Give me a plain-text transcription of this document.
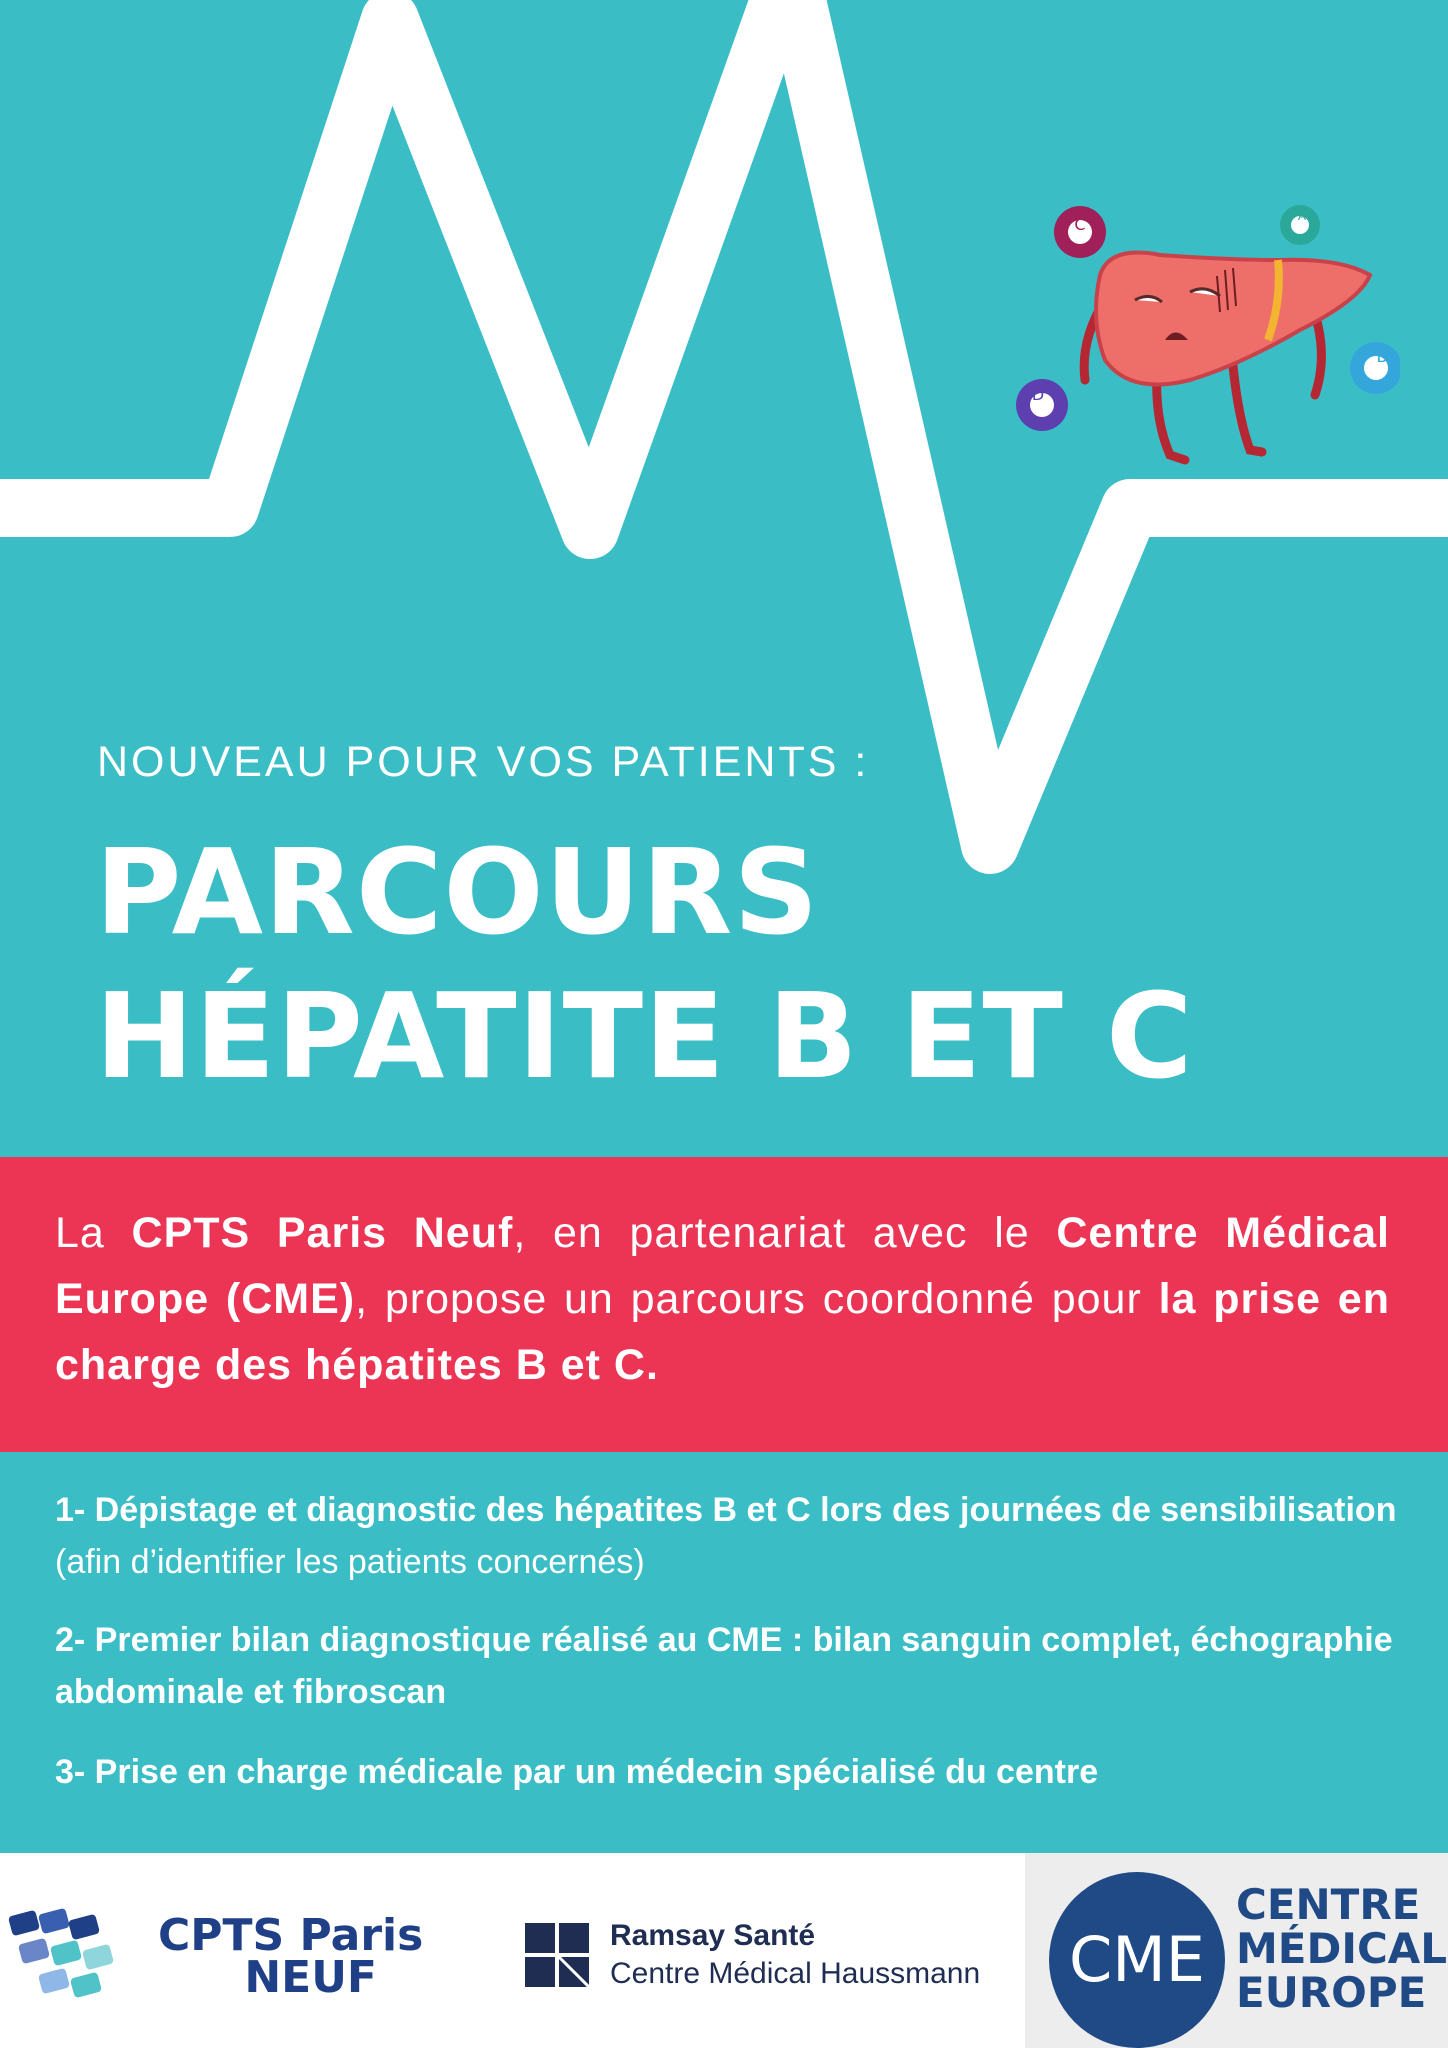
C	A
D
B
NOUVEAU POUR VOS PATIENTS :
PARCOURS
HÉPATITE B ET C
La CPTS Paris Neuf, en partenariat avec le Centre Médical Europe (CME), propose un parcours coordonné pour la prise en charge des hépatites B et C.
1- Dépistage et diagnostic des hépatites B et C lors des journées de sensibilisation (afin d’identifier les patients concernés)
2- Premier bilan diagnostique réalisé au CME : bilan sanguin complet, échographie abdominale et fibroscan
3- Prise en charge médicale par un médecin spécialisé du centre
CPTS Paris
NEUF
Ramsay Santé
Centre Médical Haussmann CME
CENTRE
MÉDICAL
EUROPE
